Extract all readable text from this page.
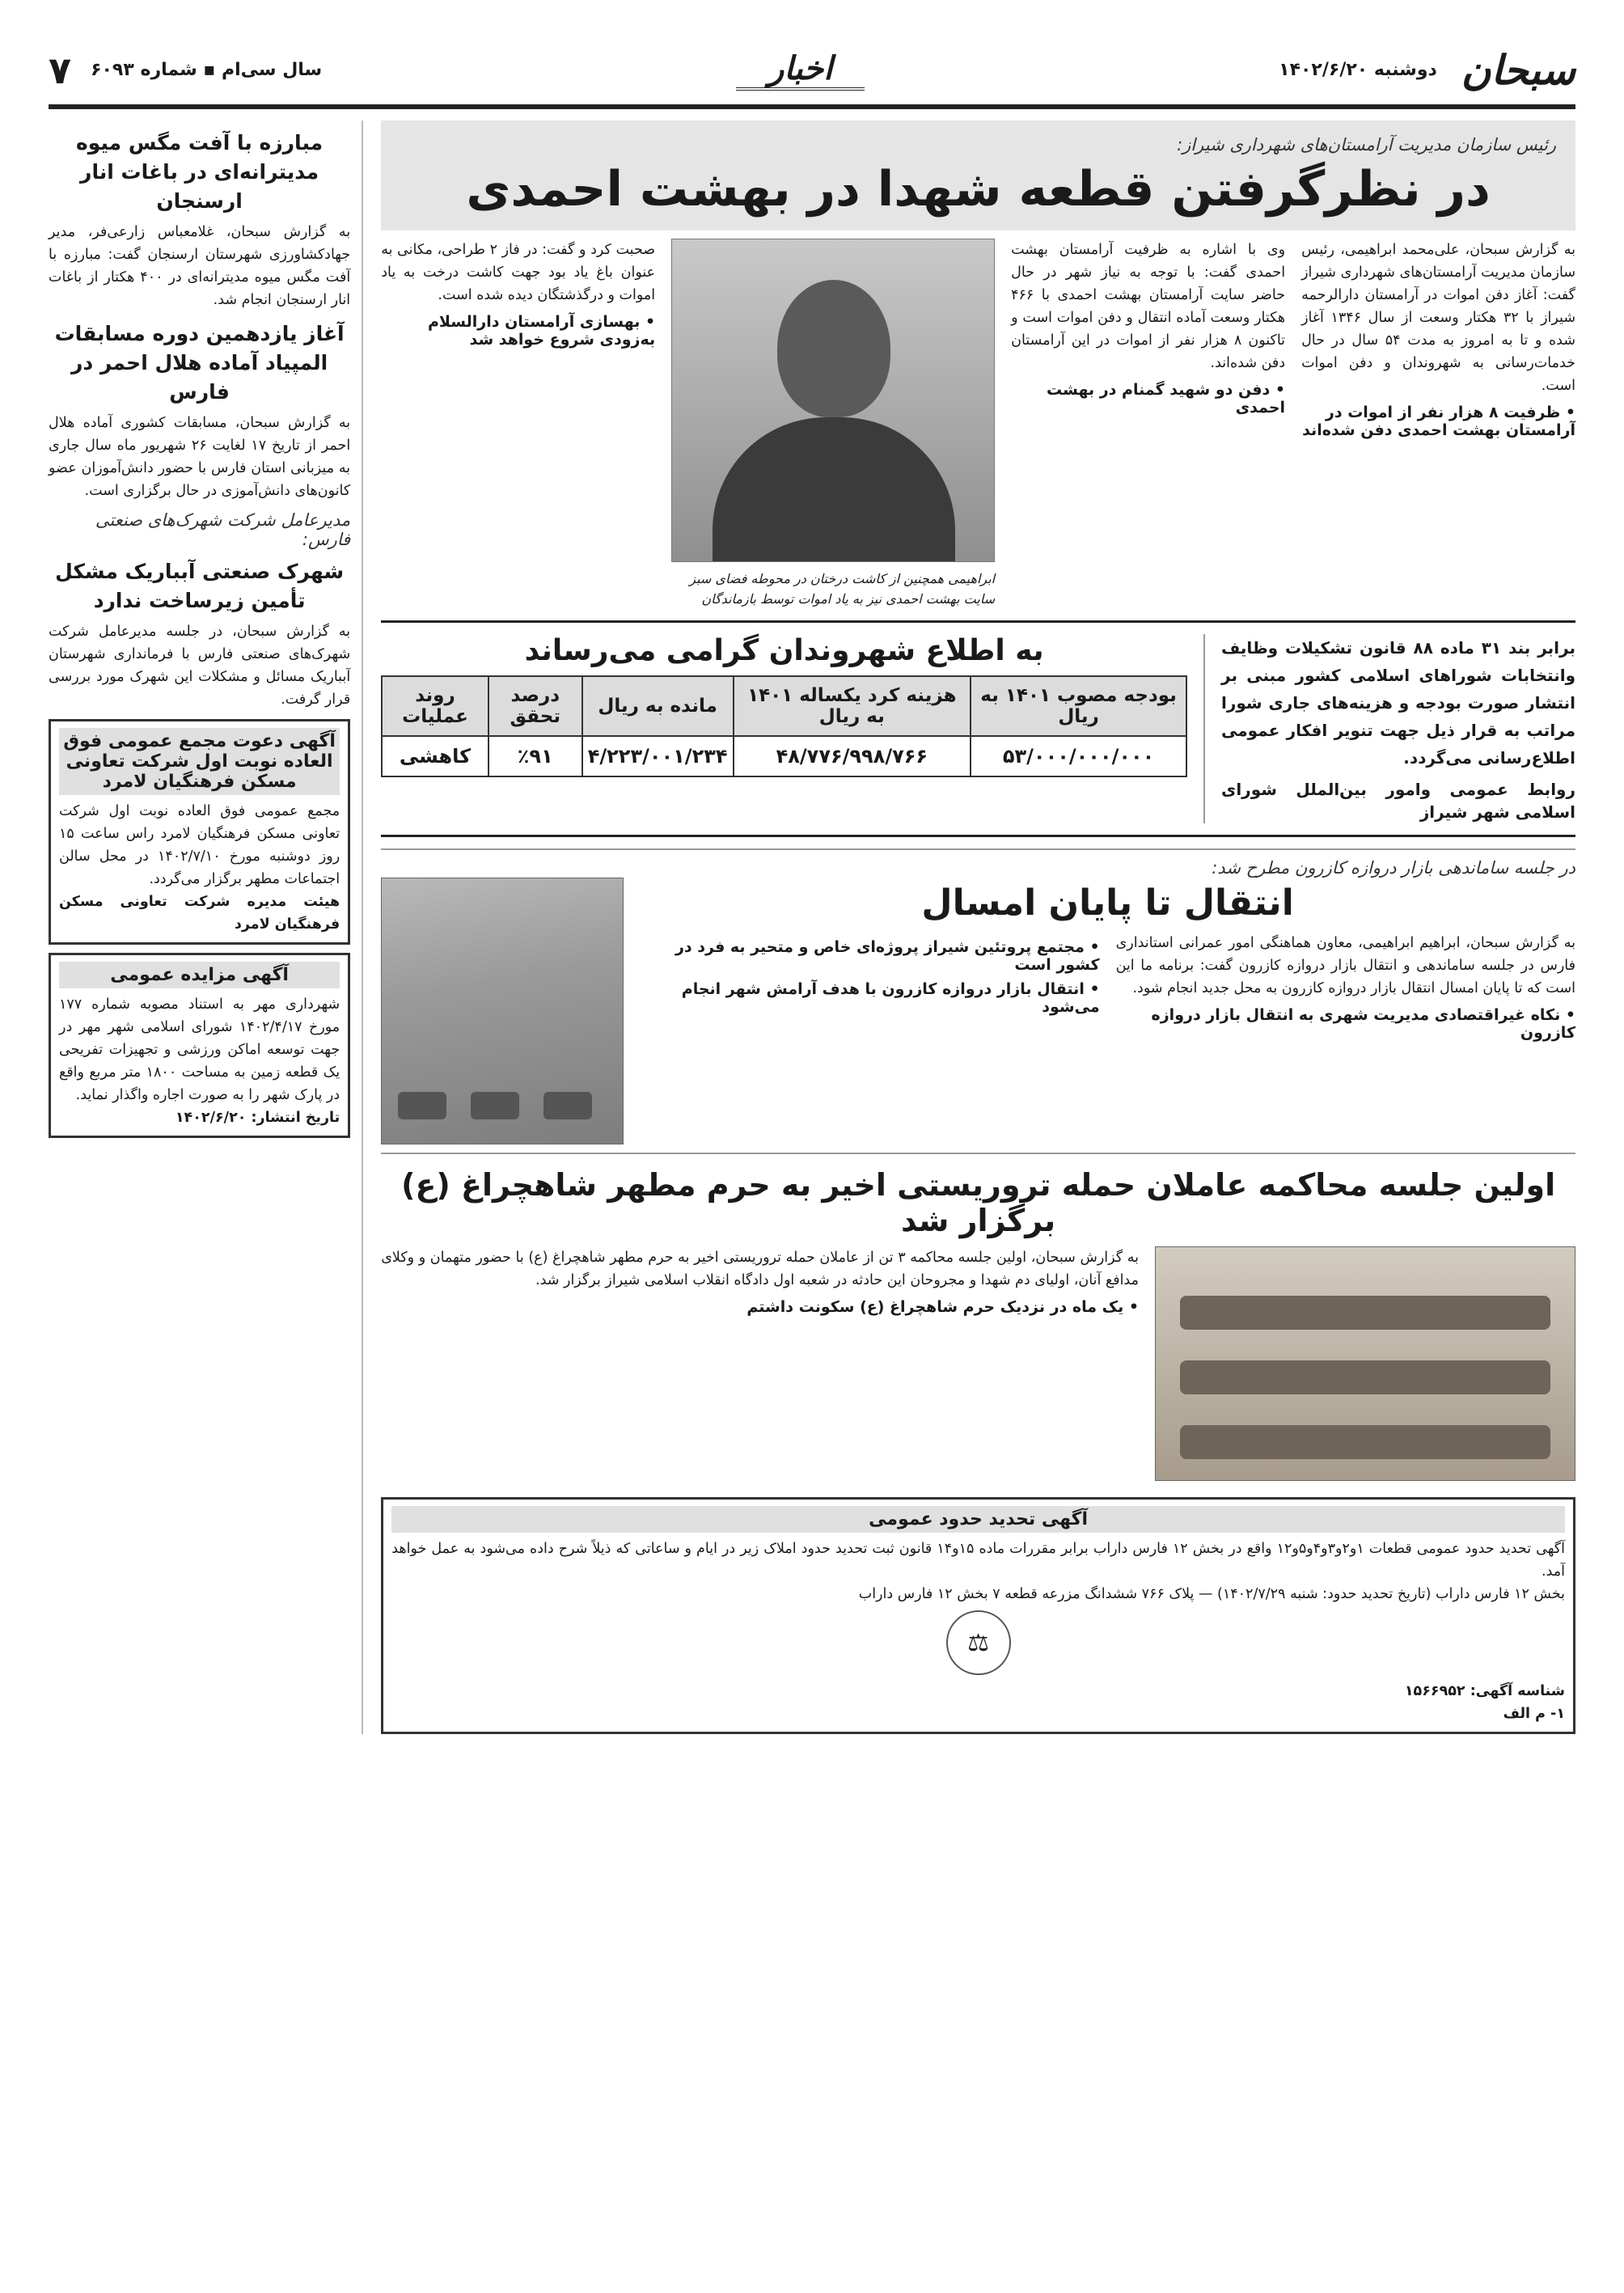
سبحان
دوشنبه ۱۴۰۲/۶/۲۰
اخبار
سال سی‌ام ▪ شماره ۶۰۹۳
۷
رئیس سازمان مدیریت آرامستان‌های شهرداری شیراز:
در نظرگرفتن قطعه شهدا در بهشت احمدی

به گزارش سبحان، علی‌محمد ابراهیمی، رئیس سازمان مدیریت آرامستان‌های شهرداری شیراز گفت: آغاز دفن اموات در آرامستان دارالرحمه شیراز با ۳۲ هکتار وسعت از سال ۱۳۴۶ آغاز شده و تا به امروز به مدت ۵۴ سال در حال خدمات‌رسانی به شهروندان و دفن اموات است.

• ظرفیت ۸ هزار نفر از اموات در آرامستان بهشت احمدی دفن شده‌اند

وی با اشاره به ظرفیت آرامستان بهشت احمدی گفت: با توجه به نیاز شهر در حال حاضر سایت آرامستان بهشت احمدی با ۴۶۶ هکتار وسعت آماده انتقال و دفن اموات است و تاکنون ۸ هزار نفر از اموات در این آرامستان دفن شده‌اند.

• دفن دو شهید گمنام در بهشت احمدی

ابراهیمی همچنین از کاشت درختان در محوطه فضای سبز سایت بهشت احمدی نیز به یاد اموات توسط بازماندگان

صحبت کرد و گفت: در فاز ۲ طراحی، مکانی به عنوان باغ یاد بود جهت کاشت درخت به یاد اموات و درگذشتگان دیده شده است.

• بهسازی آرامستان دارالسلام به‌زودی شروع خواهد شد

برابر بند ۳۱ ماده ۸۸ قانون تشکیلات وظایف وانتخابات شوراهای اسلامی کشور مبنی بر انتشار صورت بودجه و هزینه‌های جاری شورا مراتب به قرار ذیل جهت تنویر افکار عمومی اطلاع‌رسانی می‌گردد.

روابط عمومی وامور بین‌الملل شورای اسلامی شهر شیراز

به اطلاع شهروندان گرامی می‌رساند
بودجه مصوب ۱۴۰۱ به ریال	هزینه کرد یکساله ۱۴۰۱ به ریال	مانده به ریال	درصد تحقق	روند عملیات
۵۳/۰۰۰/۰۰۰/۰۰۰	۴۸/۷۷۶/۹۹۸/۷۶۶	۴/۲۲۳/۰۰۱/۲۳۴	٪۹۱	کاهشی
در جلسه ساماندهی بازار دروازه کازرون مطرح شد:
انتقال تا پایان امسال

به گزارش سبحان، ابراهیم ابراهیمی، معاون هماهنگی امور عمرانی استانداری فارس در جلسه ساماندهی و انتقال بازار دروازه کازرون گفت: برنامه ما این است که تا پایان امسال انتقال بازار دروازه کازرون به محل جدید انجام شود.

• نکاه غیراقتصادی مدیریت شهری به انتقال بازار دروازه کازرون

• مجتمع پروتئین شیراز پروژه‌ای خاص و متحیر به فرد در کشور است

• انتقال بازار دروازه کازرون با هدف آرامش شهر انجام می‌شود

اولین جلسه محاکمه عاملان حمله تروریستی اخیر به حرم مطهر شاهچراغ (ع) برگزار شد

به گزارش سبحان، اولین جلسه محاکمه ۳ تن از عاملان حمله تروریستی اخیر به حرم مطهر شاهچراغ (ع) با حضور متهمان و وکلای مدافع آنان، اولیای دم شهدا و مجروحان این حادثه در شعبه اول دادگاه انقلاب اسلامی شیراز برگزار شد.

• یک ماه در نزدیک حرم شاهچراغ (ع) سکونت داشتم

آگهی تحدید حدود عمومی

آگهی تحدید حدود عمومی قطعات ۱و۲و۳و۴و۵و۱۲ واقع در بخش ۱۲ فارس داراب برابر مقررات ماده ۱۵و۱۴ قانون ثبت تحدید حدود املاک زیر در ایام و ساعاتی که ذیلاً شرح داده می‌شود به عمل خواهد آمد.

بخش ۱۲ فارس داراب (تاریخ تحدید حدود: شنبه ۱۴۰۲/۷/۲۹) — پلاک ۷۶۶ ششدانگ مزرعه قطعه ۷ بخش ۱۲ فارس داراب

⚖

شناسه آگهی: ۱۵۶۶۹۵۲

۱- م الف

مبارزه با آفت مگس میوه مدیترانه‌ای در باغات انار ارسنجان

به گزارش سبحان، غلامعباس زارعی‌فر، مدیر جهادکشاورزی شهرستان ارسنجان گفت: مبارزه با آفت مگس میوه مدیترانه‌ای در ۴۰۰ هکتار از باغات انار ارسنجان انجام شد.

آغاز یازدهمین دوره مسابقات المپیاد آماده هلال احمر در فارس

به گزارش سبحان، مسابقات کشوری آماده هلال احمر از تاریخ ۱۷ لغایت ۲۶ شهریور ماه سال جاری به میزبانی استان فارس با حضور دانش‌آموزان عضو کانون‌های دانش‌آموزی در حال برگزاری است.

مدیرعامل شرکت شهرک‌های صنعتی فارس:
شهرک صنعتی آبباریک مشکل تأمین زیرساخت ندارد

به گزارش سبحان، در جلسه مدیرعامل شرکت شهرک‌های صنعتی فارس با فرمانداری شهرستان آبباریک مسائل و مشکلات این شهرک مورد بررسی قرار گرفت.

آگهی دعوت مجمع عمومی فوق العاده نوبت اول شرکت تعاونی مسکن فرهنگیان لامرد

مجمع عمومی فوق العاده نوبت اول شرکت تعاونی مسکن فرهنگیان لامرد راس ساعت ۱۵ روز دوشنبه مورخ ۱۴۰۲/۷/۱۰ در محل سالن اجتماعات مطهر برگزار می‌گردد.

هیئت مدیره شرکت تعاونی مسکن فرهنگیان لامرد

آگهی مزایده عمومی

شهرداری مهر به استناد مصوبه شماره ۱۷۷ مورخ ۱۴۰۲/۴/۱۷ شورای اسلامی شهر مهر در جهت توسعه اماکن ورزشی و تجهیزات تفریحی یک قطعه زمین به مساحت ۱۸۰۰ متر مربع واقع در پارک شهر را به صورت اجاره واگذار نماید.

تاریخ انتشار: ۱۴۰۲/۶/۲۰
